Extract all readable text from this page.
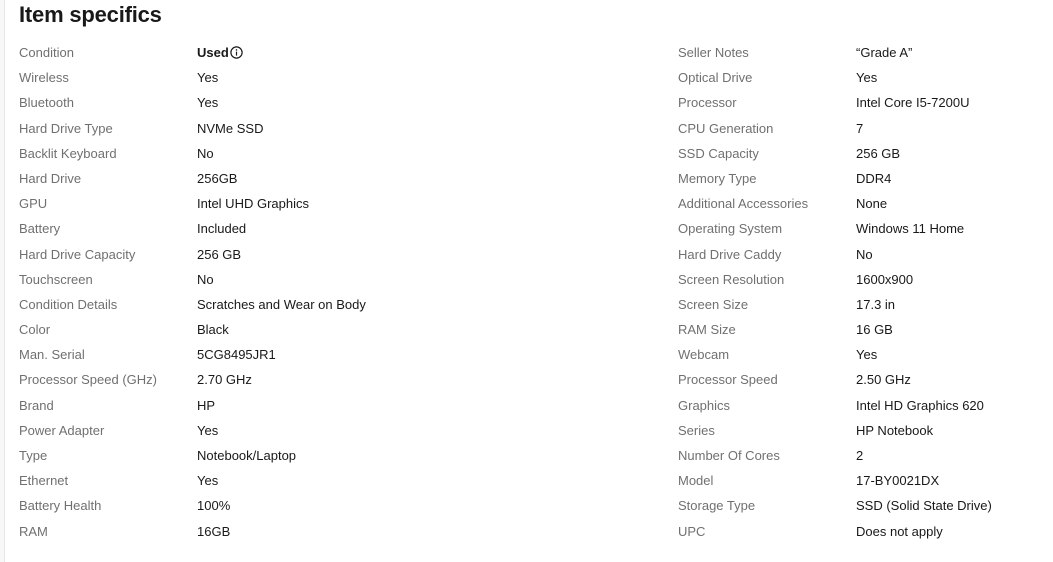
Item specifics
Condition	Used
Wireless	Yes
Bluetooth	Yes
Hard Drive Type	NVMe SSD
Backlit Keyboard	No
Hard Drive	256GB
GPU	Intel UHD Graphics
Battery	Included
Hard Drive Capacity	256 GB
Touchscreen	No
Condition Details	Scratches and Wear on Body
Color	Black
Man. Serial	5CG8495JR1
Processor Speed (GHz)	2.70 GHz
Brand	HP
Power Adapter	Yes
Type	Notebook/Laptop
Ethernet	Yes
Battery Health	100%
RAM	16GB
Seller Notes	“Grade A”
Optical Drive	Yes
Processor	Intel Core I5-7200U
CPU Generation	7
SSD Capacity	256 GB
Memory Type	DDR4
Additional Accessories	None
Operating System	Windows 11 Home
Hard Drive Caddy	No
Screen Resolution	1600x900
Screen Size	17.3 in
RAM Size	16 GB
Webcam	Yes
Processor Speed	2.50 GHz
Graphics	Intel HD Graphics 620
Series	HP Notebook
Number Of Cores	2
Model	17-BY0021DX
Storage Type	SSD (Solid State Drive)
UPC	Does not apply
